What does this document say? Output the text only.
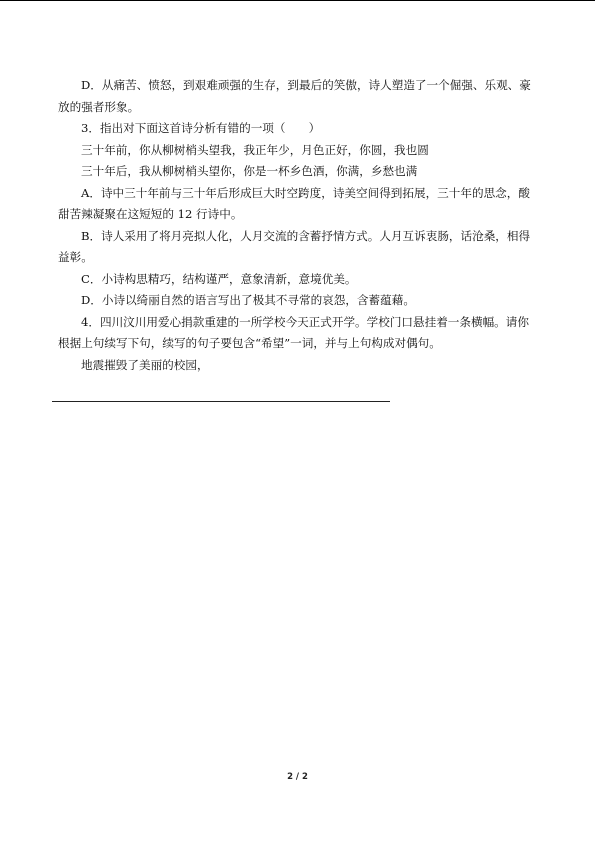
D．从痛苦、愤怒，到艰难顽强的生存，到最后的笑傲，诗人塑造了一个倔强、乐观、豪放的强者形象。

3．指出对下面这首诗分析有错的一项（　　）

三十年前，你从柳树梢头望我，我正年少，月色正好，你圆，我也圆

三十年后，我从柳树梢头望你，你是一杯乡色酒，你满，乡愁也满

A．诗中三十年前与三十年后形成巨大时空跨度，诗美空间得到拓展，三十年的思念，酸甜苦辣凝聚在这短短的 12 行诗中。

B．诗人采用了将月亮拟人化，人月交流的含蓄抒情方式。人月互诉衷肠，话沧桑，相得益彰。

C．小诗构思精巧，结构谨严，意象清新，意境优美。

D．小诗以绮丽自然的语言写出了极其不寻常的哀怨，含蓄蕴藉。

4．四川汶川用爱心捐款重建的一所学校今天正式开学。学校门口悬挂着一条横幅。请你根据上句续写下句，续写的句子要包含“希望”一词，并与上句构成对偶句。

地震摧毁了美丽的校园，

2 / 2
